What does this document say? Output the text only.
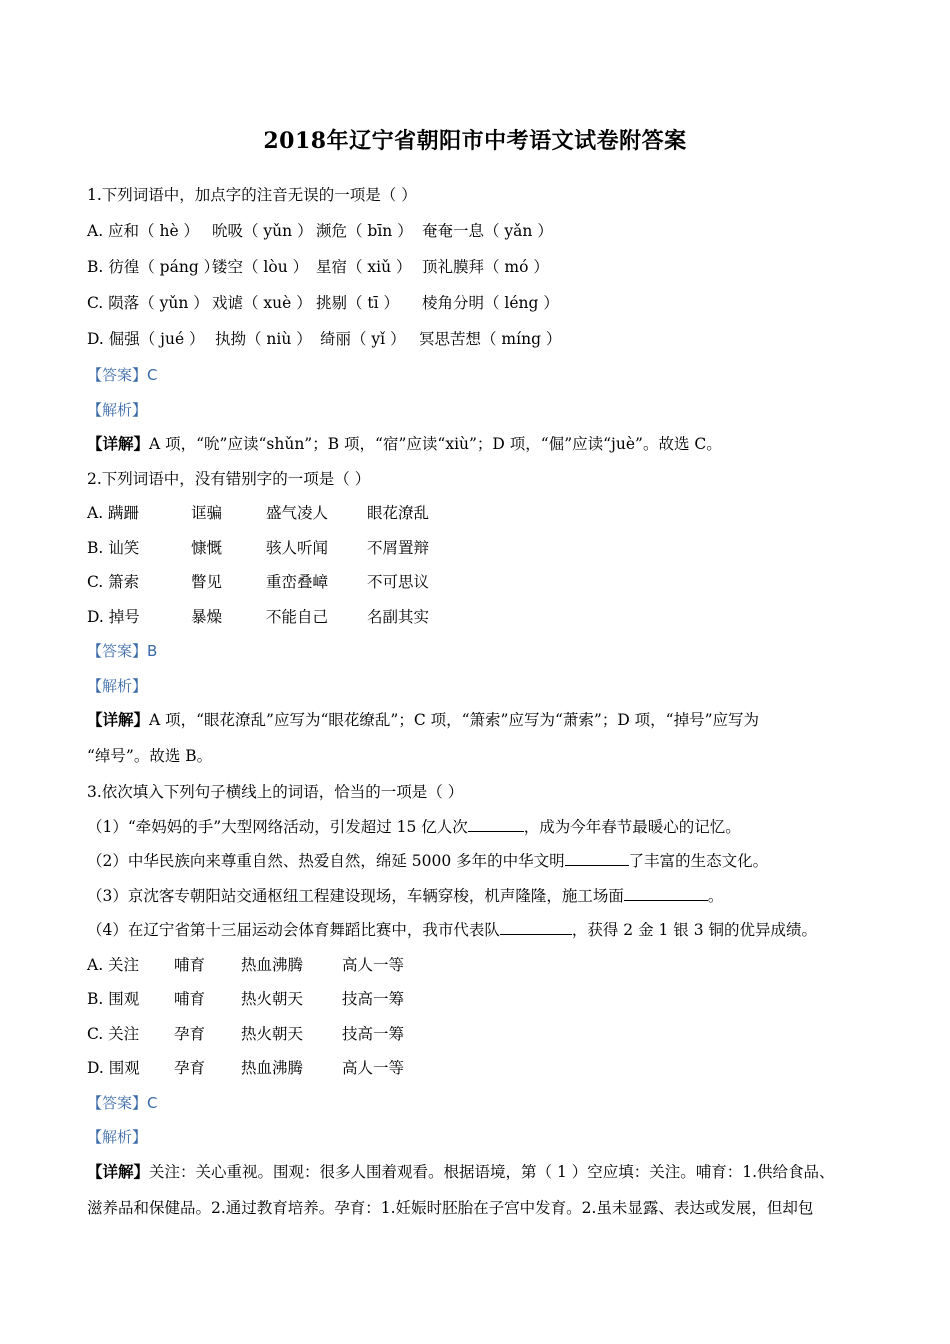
2018年辽宁省朝阳市中考语文试卷附答案
1.下列词语中，加点字的注音无误的一项是（ ）
A. 应和（ hè ） 吮吸（ yǔn ） 濒危（ bīn ） 奄奄一息（ yǎn ）
B. 彷徨（ páng ）镂空（ lòu ） 星宿（ xiǔ ） 顶礼膜拜（ mó ）
C. 陨落（ yǔn ） 戏谑（ xuè ） 挑剔（ tī ） 棱角分明（ léng ）
D. 倔强（ jué ） 执拗（ niù ） 绮丽（ yǐ ） 冥思苦想（ míng ）
【答案】C
【解析】
【详解】A 项，“吮”应读“shǔn”；B 项，“宿”应读“xiù”；D 项，“倔”应读“juè”。故选 C。
2.下列词语中，没有错别字的一项是（ ）
A. 蹒跚	诓骗	盛气凌人	眼花潦乱
B. 讪笑	慷慨	骇人听闻	不屑置辩
C. 箫索	瞥见	重峦叠嶂	不可思议
D. 掉号	暴燥	不能自己	名副其实
【答案】B
【解析】
【详解】A 项，“眼花潦乱”应写为“眼花缭乱”；C 项，“箫索”应写为“萧索”；D 项，“掉号”应写为
“绰号”。故选 B。
3.依次填入下列句子横线上的词语，恰当的一项是（ ）
（1）“牵妈妈的手”大型网络活动，引发超过 15 亿人次	，成为今年春节最暖心的记忆。
（2）中华民族向来尊重自然、热爱自然，绵延 5000 多年的中华文明	了丰富的生态文化。
（3）京沈客专朝阳站交通枢纽工程建设现场，车辆穿梭，机声隆隆，施工场面	。
（4）在辽宁省第十三届运动会体育舞蹈比赛中，我市代表队	，获得 2 金 1 银 3 铜的优异成绩。
A. 关注 哺育 热血沸腾	高人一等
B. 围观 哺育 热火朝天	技高一筹
C. 关注 孕育 热火朝天	技高一筹
D. 围观 孕育 热血沸腾	高人一等
【答案】C
【解析】
【详解】关注：关心重视。围观：很多人围着观看。根据语境，第（ 1 ）空应填：关注。哺育：1.供给食品、
滋养品和保健品。2.通过教育培养。孕育：1.妊娠时胚胎在子宫中发育。2.虽未显露、表达或发展，但却包
